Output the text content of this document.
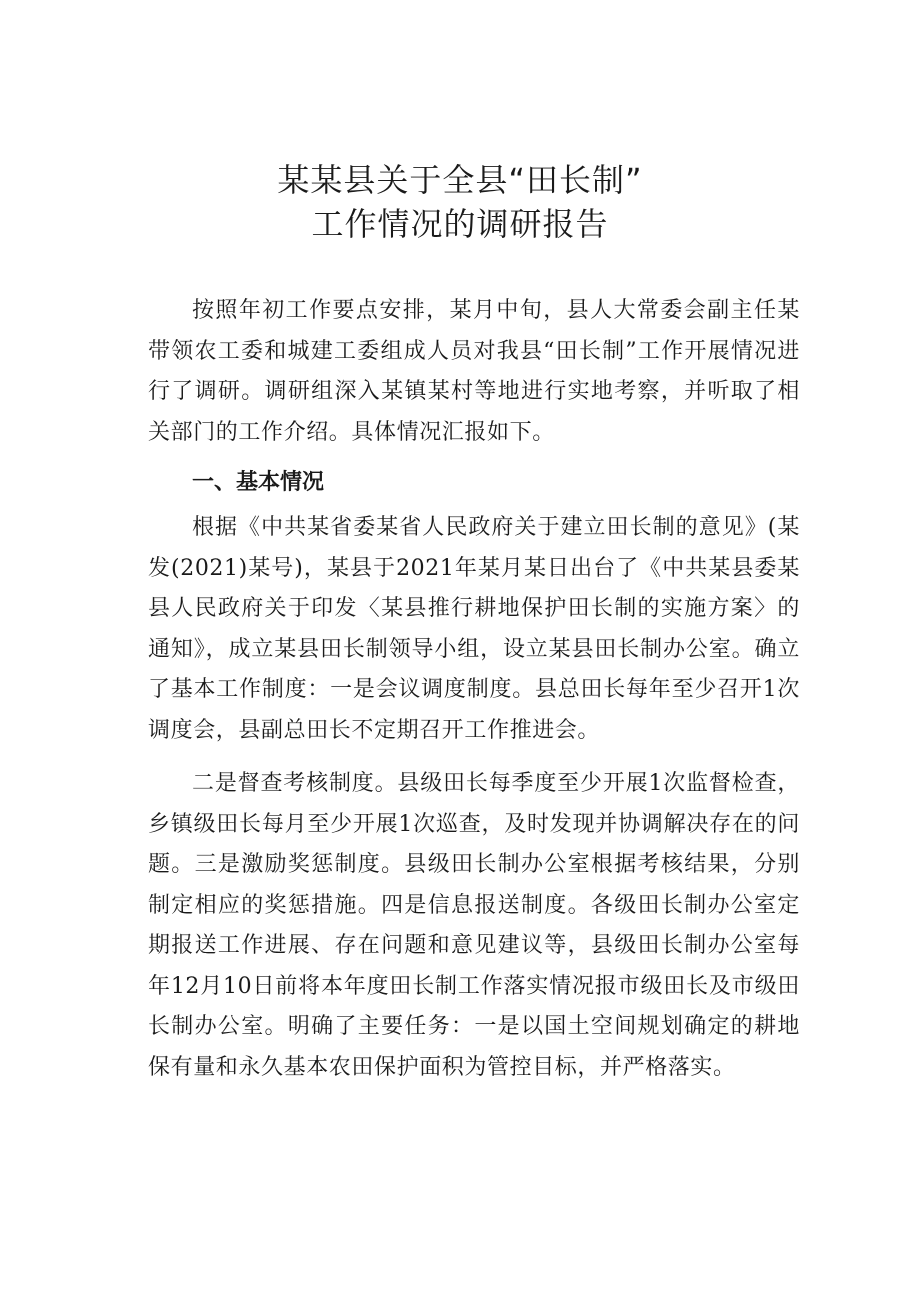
某某县关于全县“田长制”
工作情况的调研报告

按照年初工作要点安排，某月中旬，县人大常委会副主任某带领农工委和城建工委组成人员对我县“田长制”工作开展情况进行了调研。调研组深入某镇某村等地进行实地考察，并听取了相关部门的工作介绍。具体情况汇报如下。

一、基本情况

根据《中共某省委某省人民政府关于建立田长制的意见》(某发(2021)某号)，某县于2021年某月某日出台了《中共某县委某县人民政府关于印发〈某县推行耕地保护田长制的实施方案〉的通知》，成立某县田长制领导小组，设立某县田长制办公室。确立了基本工作制度：一是会议调度制度。县总田长每年至少召开1次调度会，县副总田长不定期召开工作推进会。

二是督查考核制度。县级田长每季度至少开展1次监督检查，乡镇级田长每月至少开展1次巡查，及时发现并协调解决存在的问题。三是激励奖惩制度。县级田长制办公室根据考核结果，分别制定相应的奖惩措施。四是信息报送制度。各级田长制办公室定期报送工作进展、存在问题和意见建议等，县级田长制办公室每年12月10日前将本年度田长制工作落实情况报市级田长及市级田长制办公室。明确了主要任务：一是以国土空间规划确定的耕地保有量和永久基本农田保护面积为管控目标，并严格落实。
